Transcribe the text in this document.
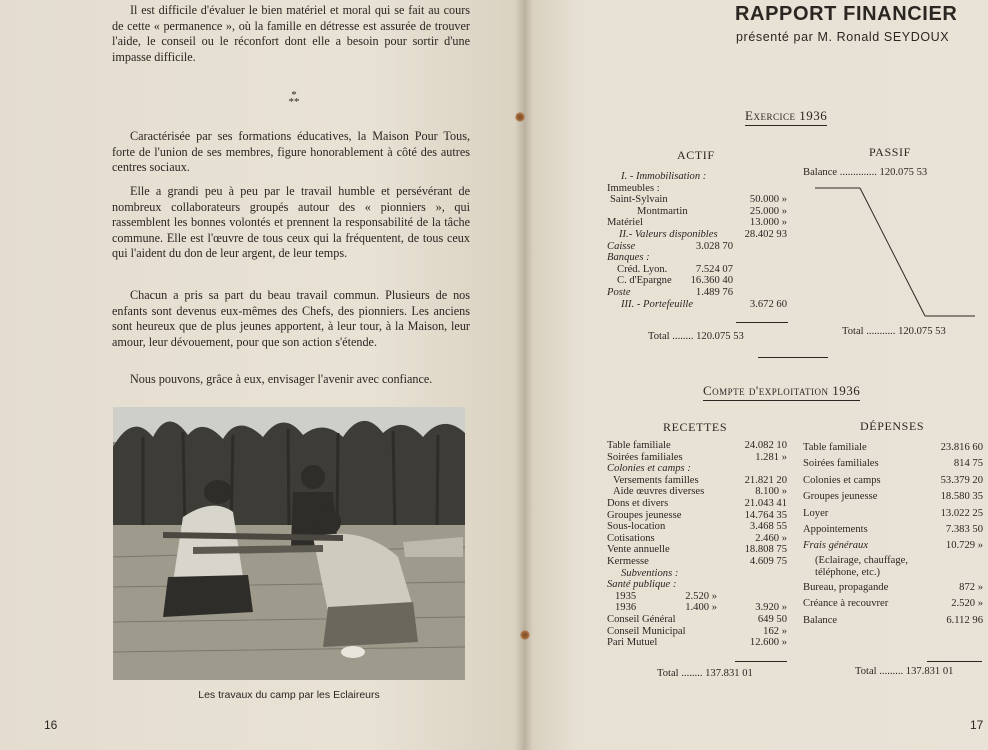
Il est difficile d'évaluer le bien matériel et moral qui se fait au cours de cette « permanence », où la famille en détresse est assurée de trouver l'aide, le conseil ou le réconfort dont elle a besoin pour sortir d'une impasse difficile.

*
**

Caractérisée par ses formations éducatives, la Maison Pour Tous, forte de l'union de ses membres, figure honorablement à côté des autres centres sociaux.

Elle a grandi peu à peu par le travail humble et persévérant de nombreux collaborateurs groupés autour des « pionniers », qui rassemblent les bonnes volontés et prennent la responsabilité de la tâche commune. Elle est l'œuvre de tous ceux qui la fréquentent, de tous ceux qui l'aident du don de leur argent, de leur temps.

Chacun a pris sa part du beau travail commun. Plusieurs de nos enfants sont devenus eux-mêmes des Chefs, des pionniers. Les anciens sont heureux que de plus jeunes apportent, à leur tour, à la Maison, leur amour, leur dévouement, pour que son action s'étende.

Nous pouvons, grâce à eux, envisager l'avenir avec confiance.

Les travaux du camp par les Eclaireurs
16
RAPPORT FINANCIER
présenté par M. Ronald SEYDOUX
Exercice 1936
ACTIF	PASSIF
I. - Immobilisation :
Immeubles :
Saint-Sylvain	50.000 »
Montmartin	25.000 »
Matériel	13.000 »
II.- Valeurs disponibles	28.402 93
Caisse	3.028 70
Banques :
Créd. Lyon.	7.524 07
C. d'Epargne 16.360 40
Poste	1.489 76
III. - Portefeuille	3.672 60
Total ........ 120.075 53
Balance .............. 120.075 53
Total ........... 120.075 53
Compte d'exploitation 1936
RECETTES	DÉPENSES
Table familiale	24.082 10
Soirées familiales	1.281 »
Colonies et camps :
Versements familles	21.821 20
Aide œuvres diverses	8.100 »
Dons et divers	21.043 41
Groupes jeunesse	14.764 35
Sous-location	3.468 55
Cotisations	2.460 »
Vente annuelle	18.808 75
Kermesse	4.609 75
Subventions :
Santé publique :
1935	2.520 »
1936	1.400 »	3.920 »
Conseil Général	649 50
Conseil Municipal	162 »
Pari Mutuel	12.600 »
Total ........ 137.831 01
Table familiale	23.816 60
Soirées familiales	814 75
Colonies et camps	53.379 20
Groupes jeunesse	18.580 35
Loyer	13.022 25
Appointements	7.383 50
Frais généraux	10.729 »
(Eclairage, chauffage,
téléphone, etc.)
Bureau, propagande	872 »
Créance à recouvrer	2.520 »
Balance	6.112 96
Total ......... 137.831 01
17
